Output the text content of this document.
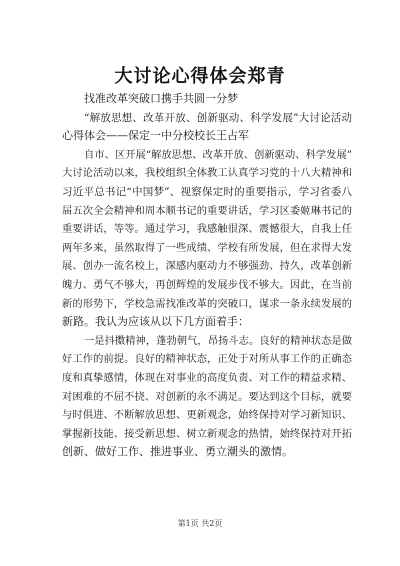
大讨论心得体会郑青
找准改革突破口携手共圆一分梦
“解放思想、改革开放、创新驱动、科学发展”大讨论活动
心得体会——保定一中分校校长王占军
自市、区开展“解放思想、改革开放、创新驱动、科学发展”
大讨论活动以来，我校组织全体教工认真学习党的十八大精神和
习近平总书记“中国梦”、视察保定时的重要指示，学习省委八
届五次全会精神和周本顺书记的重要讲话，学习区委姬琳书记的
重要讲话，等等。通过学习，我感触很深、震憾很大，自我上任
两年多来，虽然取得了一些成绩、学校有所发展，但在求得大发
展、创办一流名校上，深感内驱动力不够强劲、持久，改革创新
魄力、勇气不够大，再创辉煌的发展步伐不够大。因此，在当前
新的形势下，学校急需找准改革的突破口，谋求一条永续发展的
新路。我认为应该从以下几方面着手：
一是抖擞精神，蓬勃朝气，昂扬斗志。良好的精神状态是做
好工作的前提。良好的精神状态，正处于对所从事工作的正确态
度和真挚感情，体现在对事业的高度负责、对工作的精益求精、
对困难的不屈不挠、对创新的永不满足。要达到这个目标，就要
与时俱进、不断解放思想、更新观念，始终保持对学习新知识、
掌握新技能、接受新思想、树立新观念的热情，始终保持对开拓
创新、做好工作、推进事业、勇立潮头的激情。
第1页 共2页
